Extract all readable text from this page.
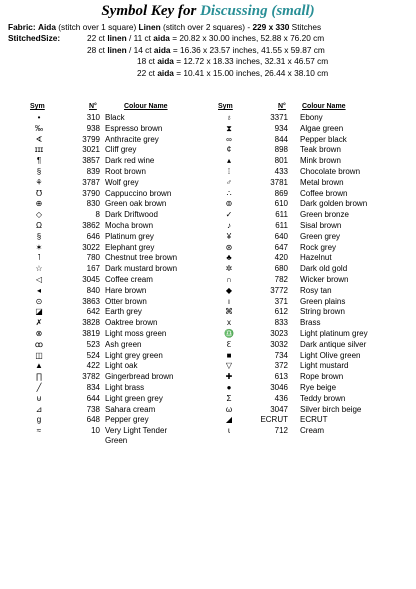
Symbol Key for Discussing (small)
Fabric: Aida (stitch over 1 square) Linen (stitch over 2 squares) - 229 x 330 Stitches
StitchedSize:	22 ct linen / 11 ct aida = 20.82 x 30.00 inches, 52.88 x 76.20 cm
28 ct linen / 14 ct aida = 16.36 x 23.57 inches, 41.55 x 59.87 cm
18 ct aida = 12.72 x 18.33 inches, 32.31 x 46.57 cm
22 ct aida = 10.41 x 15.00 inches, 26.44 x 38.10 cm
Sym	N°	Colour Name	Sym	N° Colour Name
•	310 Black
‰	938 Espresso brown
∢	3799 Anthracite grey
ɪɪɪ	3021 Cliff grey
¶	3857 Dark red wine
§	839 Root brown
⚘	3787 Wolf grey
℧	3790 Cappuccino brown
⊕	830 Green oak brown
◇	8 Dark Driftwood
Ω	3862 Mocha brown
§	646 Platinum grey
✶	3022 Elephant grey
˥	780 Chestnut tree brown
☆	167 Dark mustard brown
◁	3045 Coffee cream
◂	840 Hare brown
⊙	3863 Otter brown
◪	642 Earth grey
✗	3828 Oaktree brown
⊗	3819 Light moss green
ꝏ	523 Ash green
◫	524 Light grey green
▲	422 Light oak
∏	3782 Gingerbread brown
╱	834 Light brass
⊍	644 Light green grey
⊿	738 Sahara cream
g	648 Pepper grey
≈	10 Very Light Tender
Green
♁	3371 Ebony
⧗	934 Algae green
∞	844 Pepper black
¢	898 Teak brown
▴	801 Mink brown
⁞	433 Chocolate brown
♂	3781 Metal brown
∴	869 Coffee brown
⊚	610 Dark golden brown
✓	611 Green bronze
♪	611 Sisal brown
¥	640 Green grey
⊛	647 Rock grey
♣	420 Hazelnut
✲	680 Dark old gold
∩	782 Wicker brown
◆	3772 Rosy tan
ı	371 Green plains
⌘	612 String brown
x	833 Brass
♎	3023 Light platinum grey
ℇ	3032 Dark antique silver
■	734 Light Olive green
▽	372 Light mustard
✚	613 Rope brown
●	3046 Rye beige
Σ	436 Teddy brown
ω	3047 Silver birch beige
◢	ECRUT ECRUT
ɩ	712 Cream
